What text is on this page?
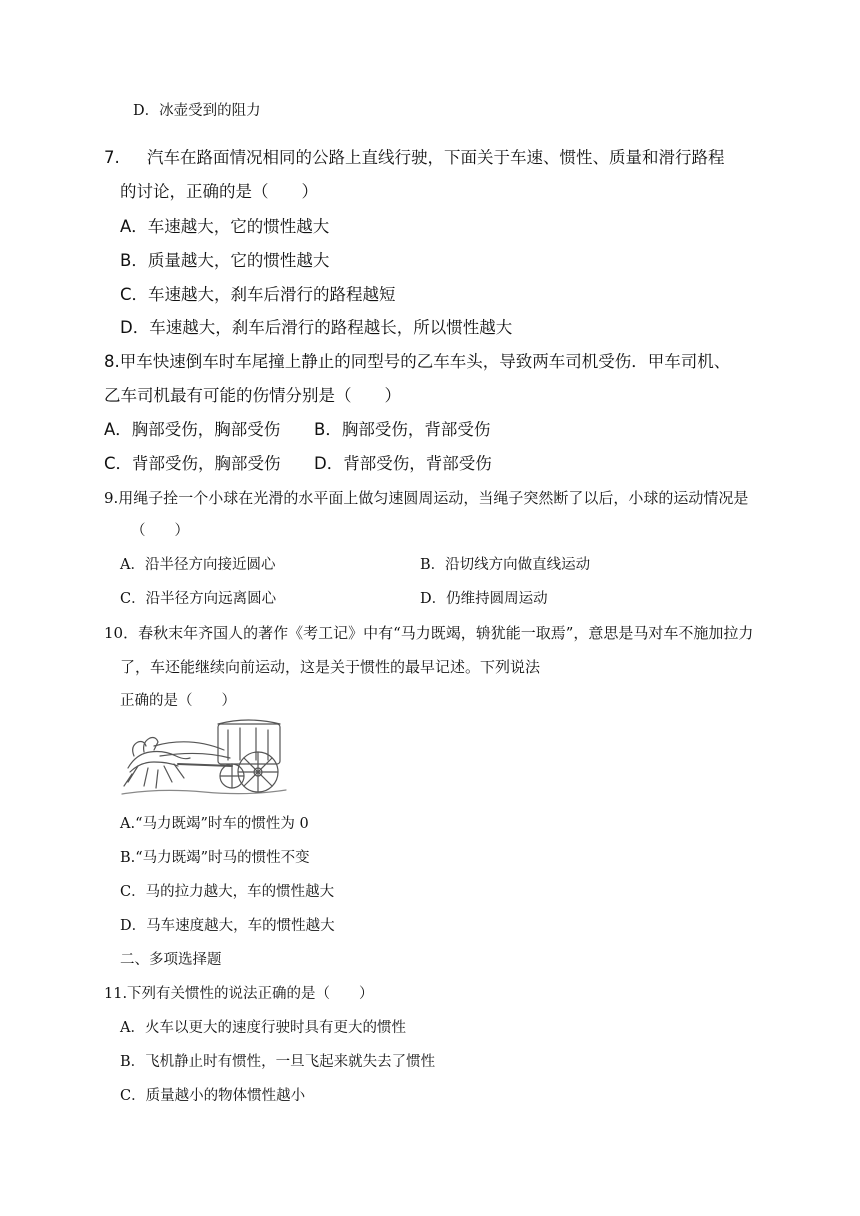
D．冰壶受到的阻力
7. 汽车在路面情况相同的公路上直线行驶，下面关于车速、惯性、质量和滑行路程
的讨论，正确的是（　　）
A．车速越大，它的惯性越大
B．质量越大，它的惯性越大
C．车速越大，刹车后滑行的路程越短
D．车速越大，刹车后滑行的路程越长，所以惯性越大
8.甲车快速倒车时车尾撞上静止的同型号的乙车车头，导致两车司机受伤．甲车司机、
乙车司机最有可能的伤情分别是（　　）
A．胸部受伤，胸部受伤 B．胸部受伤，背部受伤
C．背部受伤，胸部受伤 D．背部受伤，背部受伤
9.用绳子拴一个小球在光滑的水平面上做匀速圆周运动，当绳子突然断了以后，小球的运动情况是
（　　）
A．沿半径方向接近圆心	B．沿切线方向做直线运动
C．沿半径方向远离圆心	D．仍维持圆周运动
10．春秋末年齐国人的著作《考工记》中有“马力既竭，辀犹能一取焉”，意思是马对车不施加拉力
了，车还能继续向前运动，这是关于惯性的最早记述。下列说法
正确的是（　　）
A.“马力既竭”时车的惯性为 0
B.“马力既竭”时马的惯性不变
C．马的拉力越大，车的惯性越大
D．马车速度越大，车的惯性越大
二、多项选择题
11.下列有关惯性的说法正确的是（　　）
A．火车以更大的速度行驶时具有更大的惯性
B．飞机静止时有惯性，一旦飞起来就失去了惯性
C．质量越小的物体惯性越小
